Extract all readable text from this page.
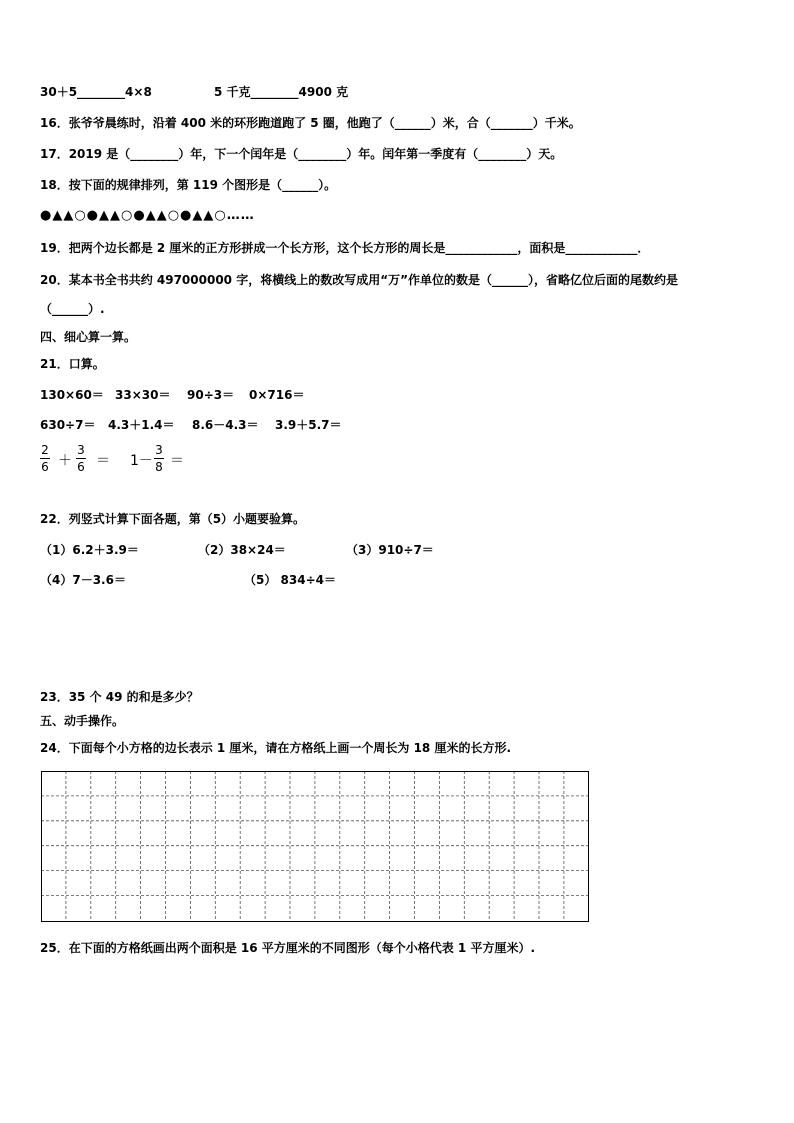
30＋5________4×8	5 千克________4900 克
16．张爷爷晨练时，沿着 400 米的环形跑道跑了 5 圈，他跑了（______）米，合（_______）千米。
17．2019 是（________）年，下一个闰年是（________）年。闰年第一季度有（________）天。
18．按下面的规律排列，第 119 个图形是（______）。
●▲▲○●▲▲○●▲▲○●▲▲○……
19．把两个边长都是 2 厘米的正方形拼成一个长方形，这个长方形的周长是____________，面积是____________．
20．某本书全书共约 497000000 字，将横线上的数改写成用“万”作单位的数是（______），省略亿位后面的尾数约是
（______）.
四、细心算一算。
21．口算。
130×60＝ 33×30＝ 90÷3＝ 0×716＝
630÷7＝ 4.3＋1.4＝ 8.6－4.3＝ 3.9＋5.7＝
2
6 ＋
3
6 ＝ 1－
3
8 ＝
22．列竖式计算下面各题，第（5）小题要验算。
（1）6.2＋3.9＝	（2）38×24＝	（3）910÷7＝
（4）7－3.6＝	（5） 834÷4＝
23．35 个 49 的和是多少？
五、动手操作。
24．下面每个小方格的边长表示 1 厘米，请在方格纸上画一个周长为 18 厘米的长方形.
25．在下面的方格纸画出两个面积是 16 平方厘米的不同图形（每个小格代表 1 平方厘米）.
